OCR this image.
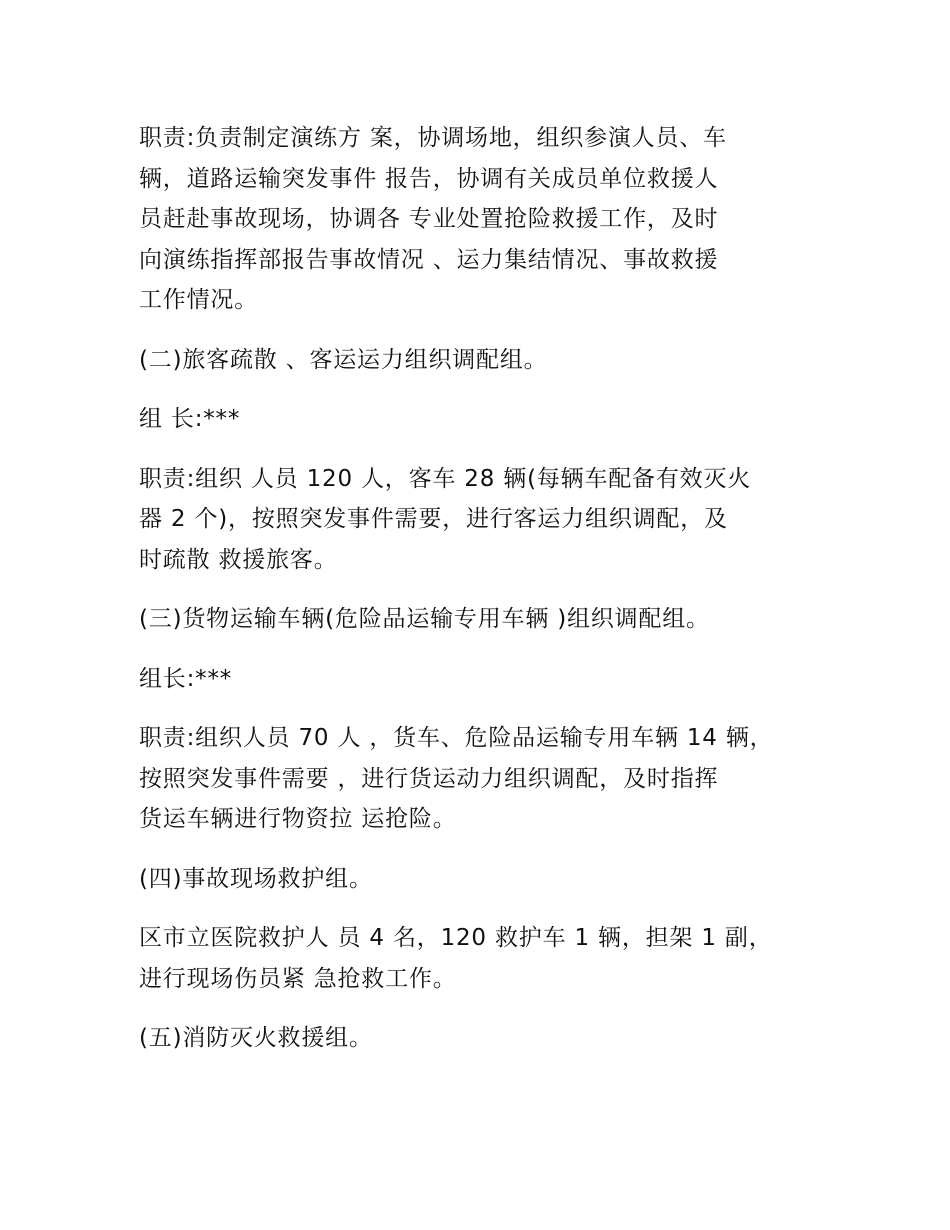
职责:负责制定演练方 案，协调场地，组织参演人员、车
辆，道路运输突发事件 报告，协调有关成员单位救援人
员赶赴事故现场，协调各 专业处置抢险救援工作，及时
向演练指挥部报告事故情况 、运力集结情况、事故救援
工作情况。

(二)旅客疏散 、客运运力组织调配组。

组 长:***

职责:组织 人员 120 人，客车 28 辆(每辆车配备有效灭火
器 2 个)，按照突发事件需要，进行客运力组织调配，及
时疏散 救援旅客。

(三)货物运输车辆(危险品运输专用车辆 )组织调配组。

组长:***

职责:组织人员 70 人 ，货车、危险品运输专用车辆 14 辆，
按照突发事件需要 ，进行货运动力组织调配，及时指挥
货运车辆进行物资拉 运抢险。

(四)事故现场救护组。

区市立医院救护人 员 4 名，120 救护车 1 辆，担架 1 副，
进行现场伤员紧 急抢救工作。

(五)消防灭火救援组。
